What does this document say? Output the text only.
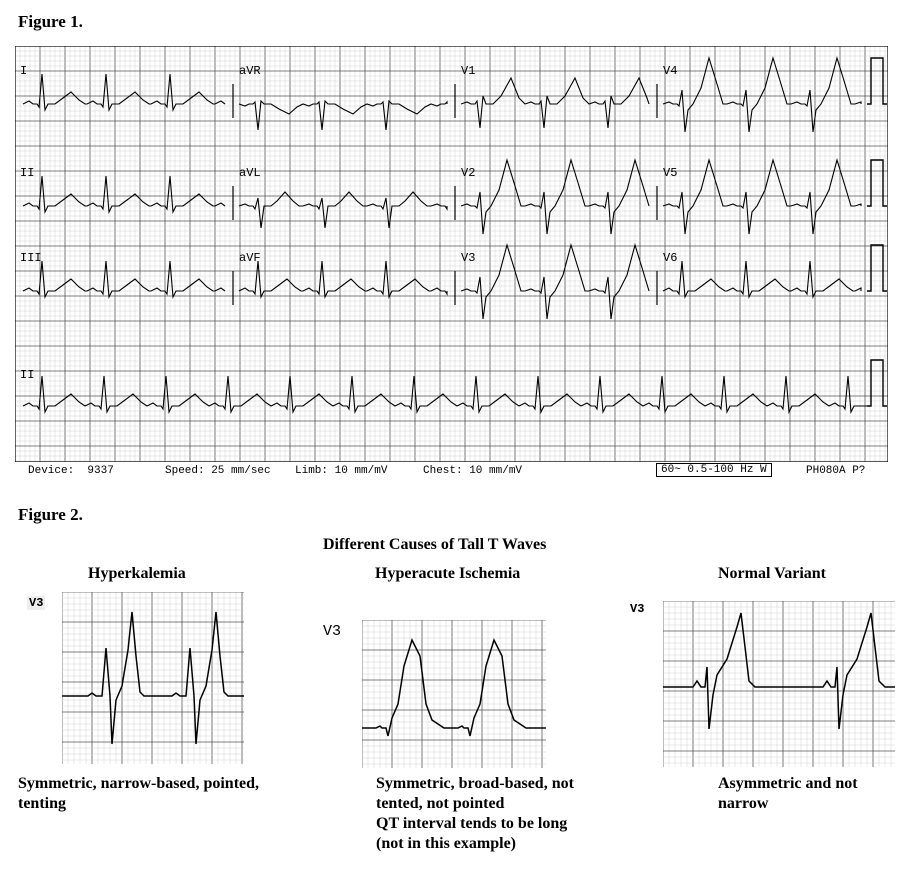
Figure 1.
I	aVR	V1	V4
II	aVL	V2	V5
III	aVF	V3	V6
II
Device:  9337	Speed: 25 mm/sec Limb: 10 mm/mV	Chest: 10 mm/mV	60~ 0.5-100 Hz W	PH080A P?
Figure 2.
Different Causes of Tall T Waves
Hyperkalemia	Hyperacute Ischemia	Normal Variant
V3
V3
V3
Symmetric, narrow-based, pointed,
tenting
Symmetric, broad-based, not
tented, not pointed
QT interval tends to be long
(not in this example)
Asymmetric and not
narrow
